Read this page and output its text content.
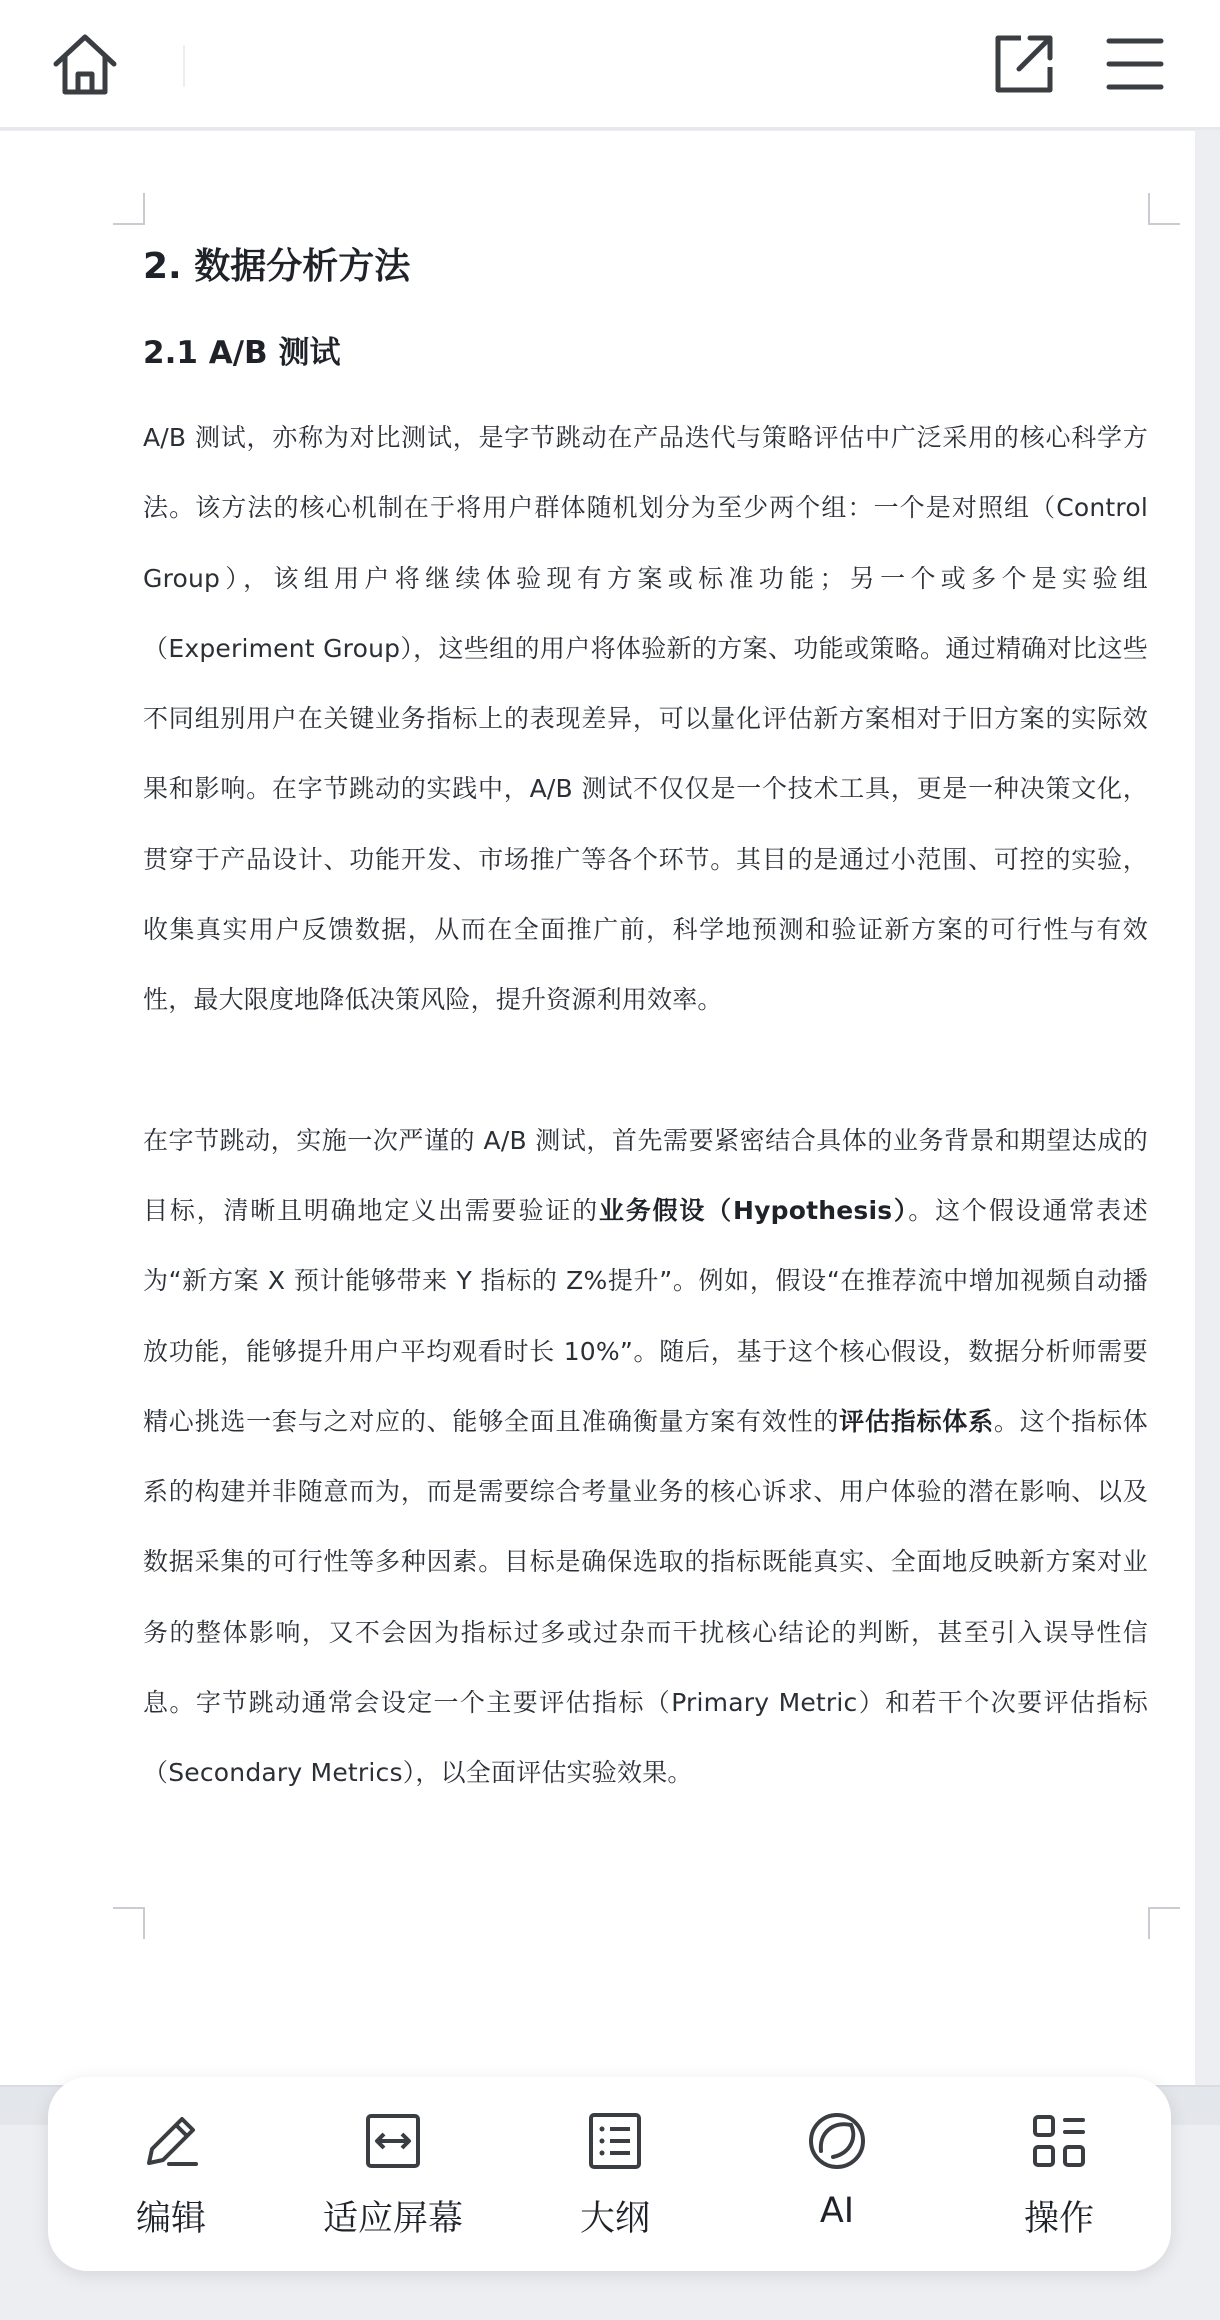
2. 数据分析方法
2.1 A/B 测试

A/B 测试，亦称为对比测试，是字节跳动在产品迭代与策略评估中广泛采用的核心科学方法。该方法的核心机制在于将用户群体随机划分为至少两个组：一个是对照组（Control Group），该组用户将继续体验现有方案或标准功能；另一个或多个是实验组（Experiment Group），这些组的用户将体验新的方案、功能或策略。通过精确对比这些不同组别用户在关键业务指标上的表现差异，可以量化评估新方案相对于旧方案的实际效果和影响。在字节跳动的实践中，A/B 测试不仅仅是一个技术工具，更是一种决策文化，贯穿于产品设计、功能开发、市场推广等各个环节。其目的是通过小范围、可控的实验，收集真实用户反馈数据，从而在全面推广前，科学地预测和验证新方案的可行性与有效性，最大限度地降低决策风险，提升资源利用效率。

在字节跳动，实施一次严谨的 A/B 测试，首先需要紧密结合具体的业务背景和期望达成的目标，清晰且明确地定义出需要验证的业务假设（Hypothesis）。这个假设通常表述为“新方案 X 预计能够带来 Y 指标的 Z%提升”。例如，假设“在推荐流中增加视频自动播放功能，能够提升用户平均观看时长 10%”。随后，基于这个核心假设，数据分析师需要精心挑选一套与之对应的、能够全面且准确衡量方案有效性的评估指标体系。这个指标体系的构建并非随意而为，而是需要综合考量业务的核心诉求、用户体验的潜在影响、以及数据采集的可行性等多种因素。目标是确保选取的指标既能真实、全面地反映新方案对业务的整体影响，又不会因为指标过多或过杂而干扰核心结论的判断，甚至引入误导性信息。字节跳动通常会设定一个主要评估指标（Primary Metric）和若干个次要评估指标（Secondary Metrics），以全面评估实验效果。

编辑	适应屏幕	大纲	AI	操作
